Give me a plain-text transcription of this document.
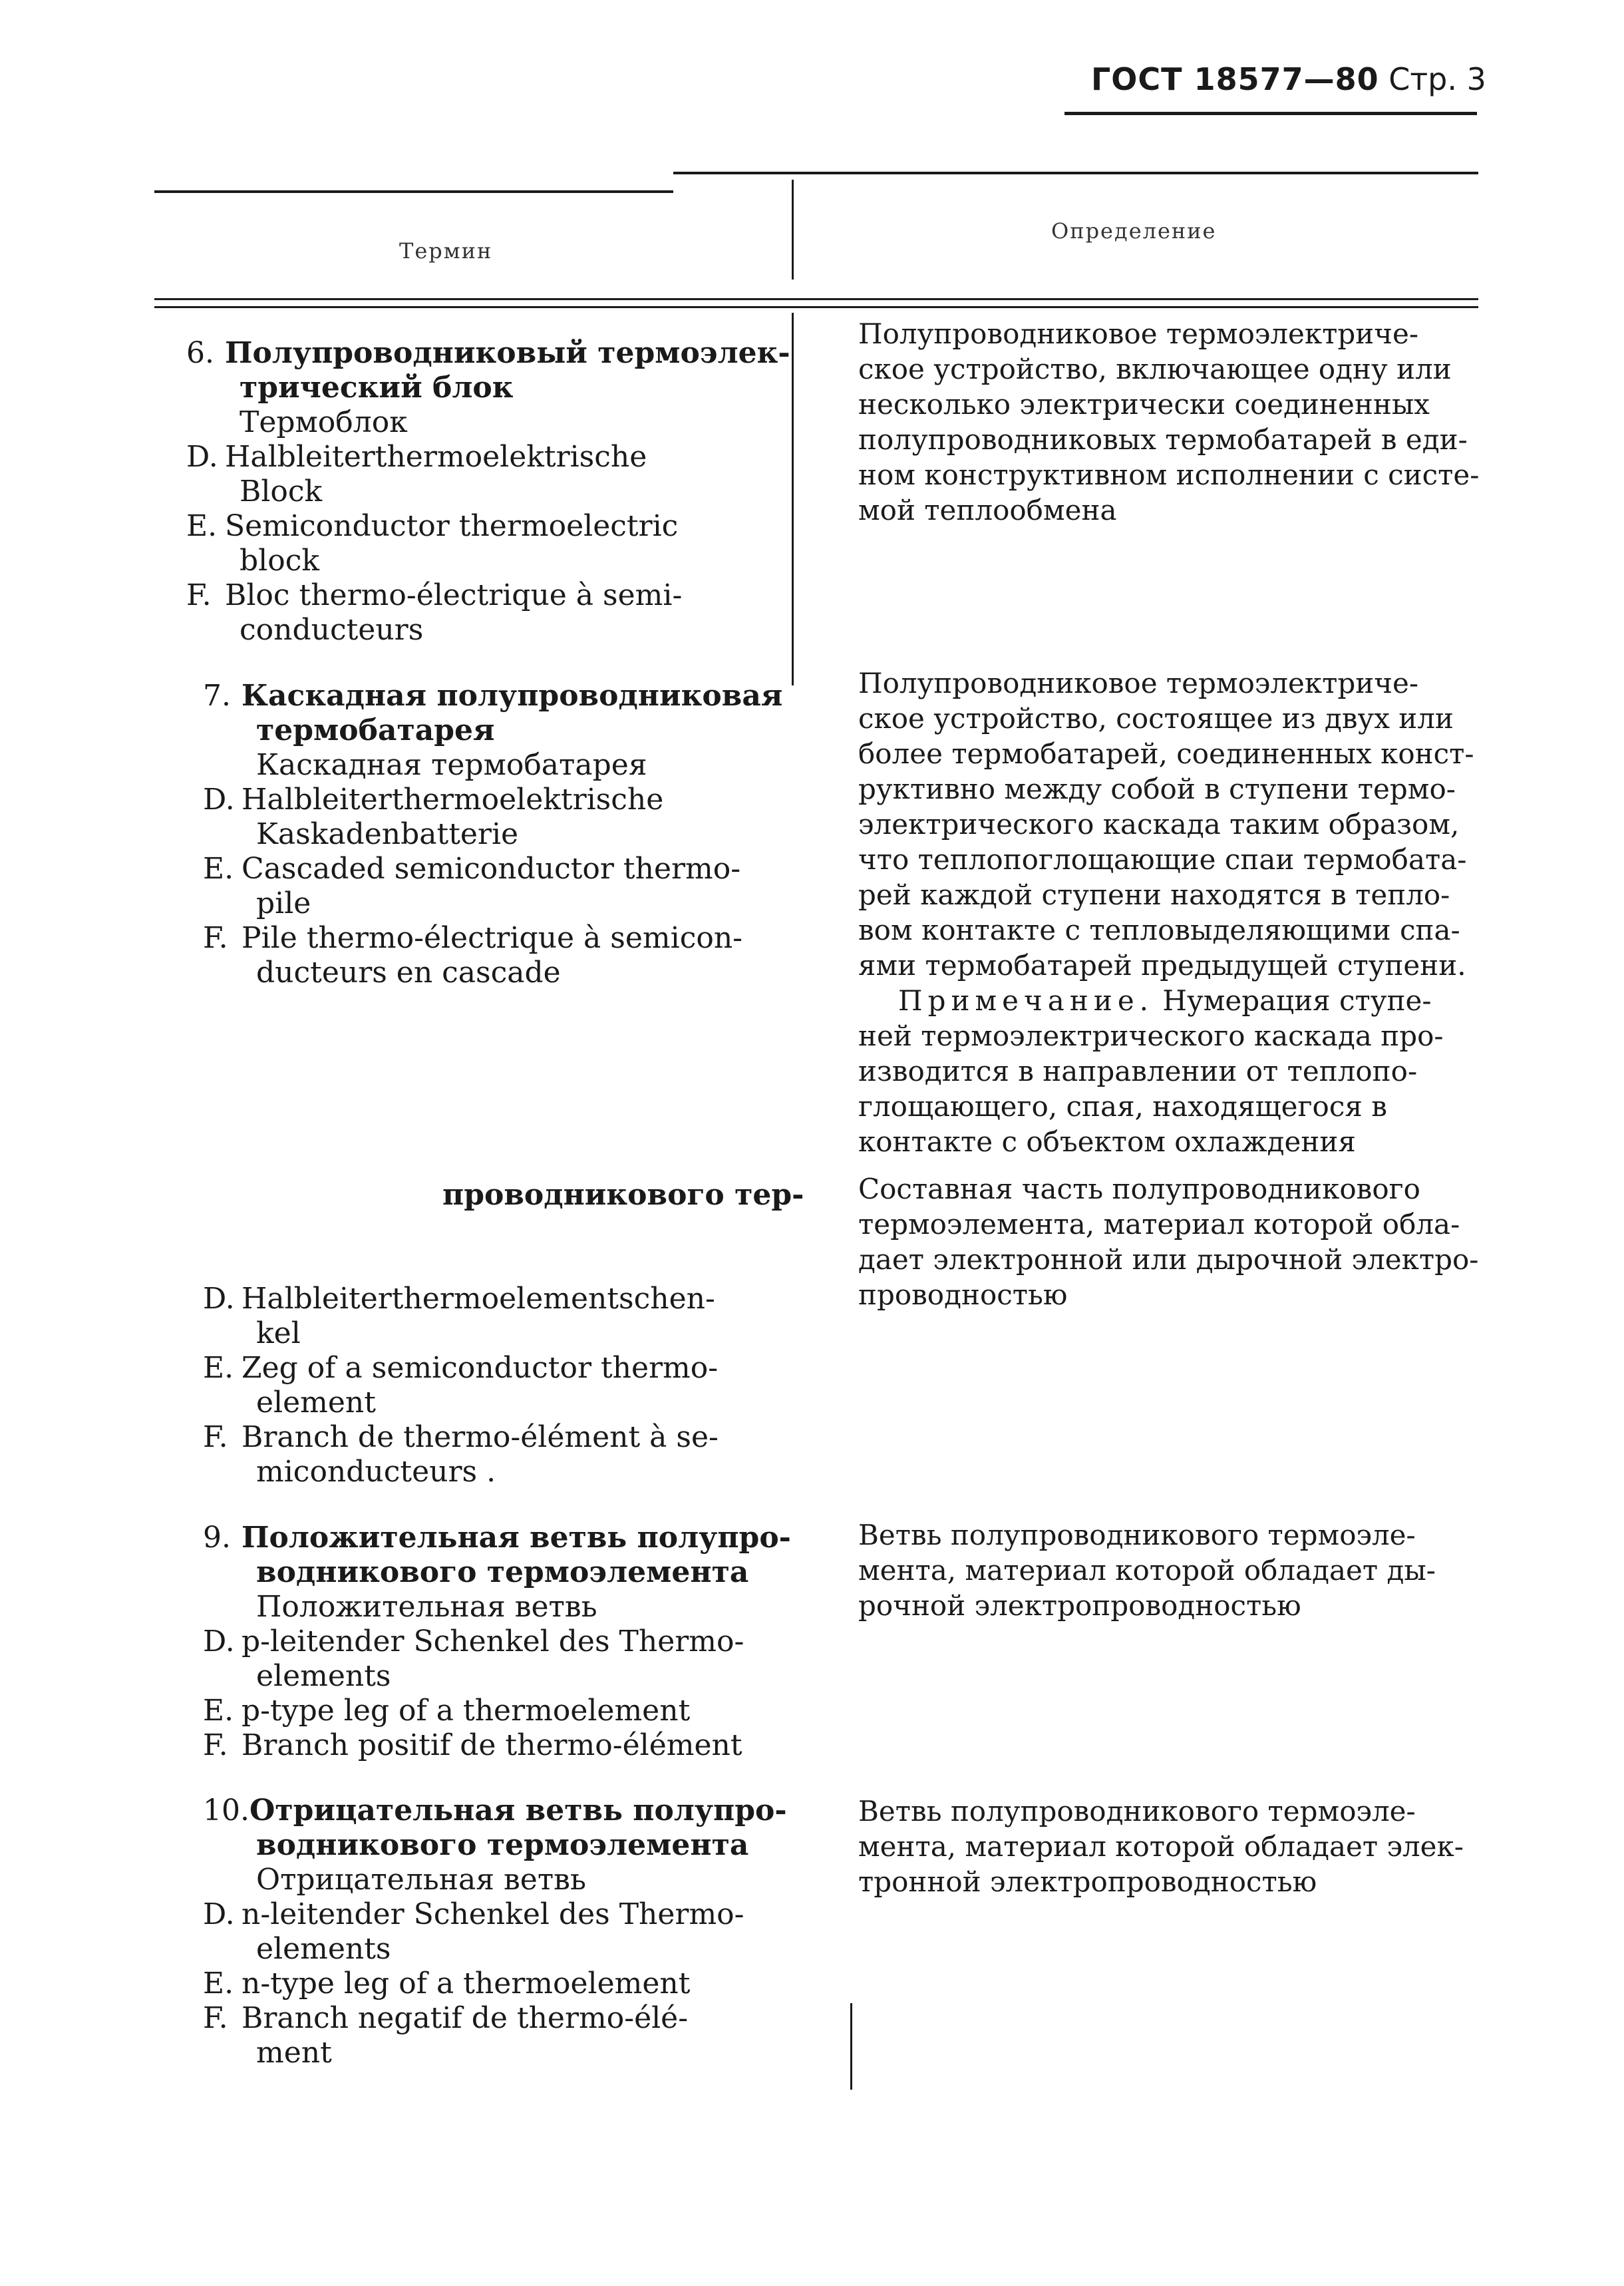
ГОСТ 18577—80 Стр. 3
Термин
Определение
6. Полупроводниковый термоэлек-
трический блок
Термоблок
D. Halbleiterthermoelektrische
Block
E. Semiconductor thermoelectric
block
F. Bloc thermo-électrique à semi-
conducteurs

Полупроводниковое термоэлектриче-

ское устройство, включающее одну или

несколько электрически соединенных

полупроводниковых термобатарей в еди-

ном конструктивном исполнении с систе-

мой теплообмена

7. Каскадная полупроводниковая
термобатарея
Каскадная термобатарея
D. Halbleiterthermoelektrische
Kaskadenbatterie
E. Cascaded semiconductor thermo-
pile
F. Pile thermo-électrique à semicon-
ducteurs en cascade

Полупроводниковое термоэлектриче-

ское устройство, состоящее из двух или

более термобатарей, соединенных конст-

руктивно между собой в ступени термо-

электрического каскада таким образом,

что теплопоглощающие спаи термобата-

рей каждой ступени находятся в тепло-

вом контакте с тепловыделяющими спа-

ями термобатарей предыдущей ступени.

Примечание. Нумерация ступе-

ней термоэлектрического каскада про-

изводится в направлении от теплопо-

глощающего, спая, находящегося в

контакте с объектом охлаждения

проводникового тер-
D. Halbleiterthermoelementschen-
kel
E. Zeg of a semiconductor thermo-
element
F. Branch de thermo-élément à se-
miconducteurs .

Составная часть полупроводникового

термоэлемента, материал которой обла-

дает электронной или дырочной электро-

проводностью

9. Положительная ветвь полупро-
водникового термоэлемента
Положительная ветвь
D. p-leitender Schenkel des Thermo-
elements
E. p-type leg of a thermoelement
F. Branch positif de thermo-élément

Ветвь полупроводникового термоэле-

мента, материал которой обладает ды-

рочной электропроводностью

10.Отрицательная ветвь полупро-
водникового термоэлемента
Отрицательная ветвь
D. n-leitender Schenkel des Thermo-
elements
E. n-type leg of a thermoelement
F. Branch negatif de thermo-élé-
ment

Ветвь полупроводникового термоэле-

мента, материал которой обладает элек-

тронной электропроводностью
